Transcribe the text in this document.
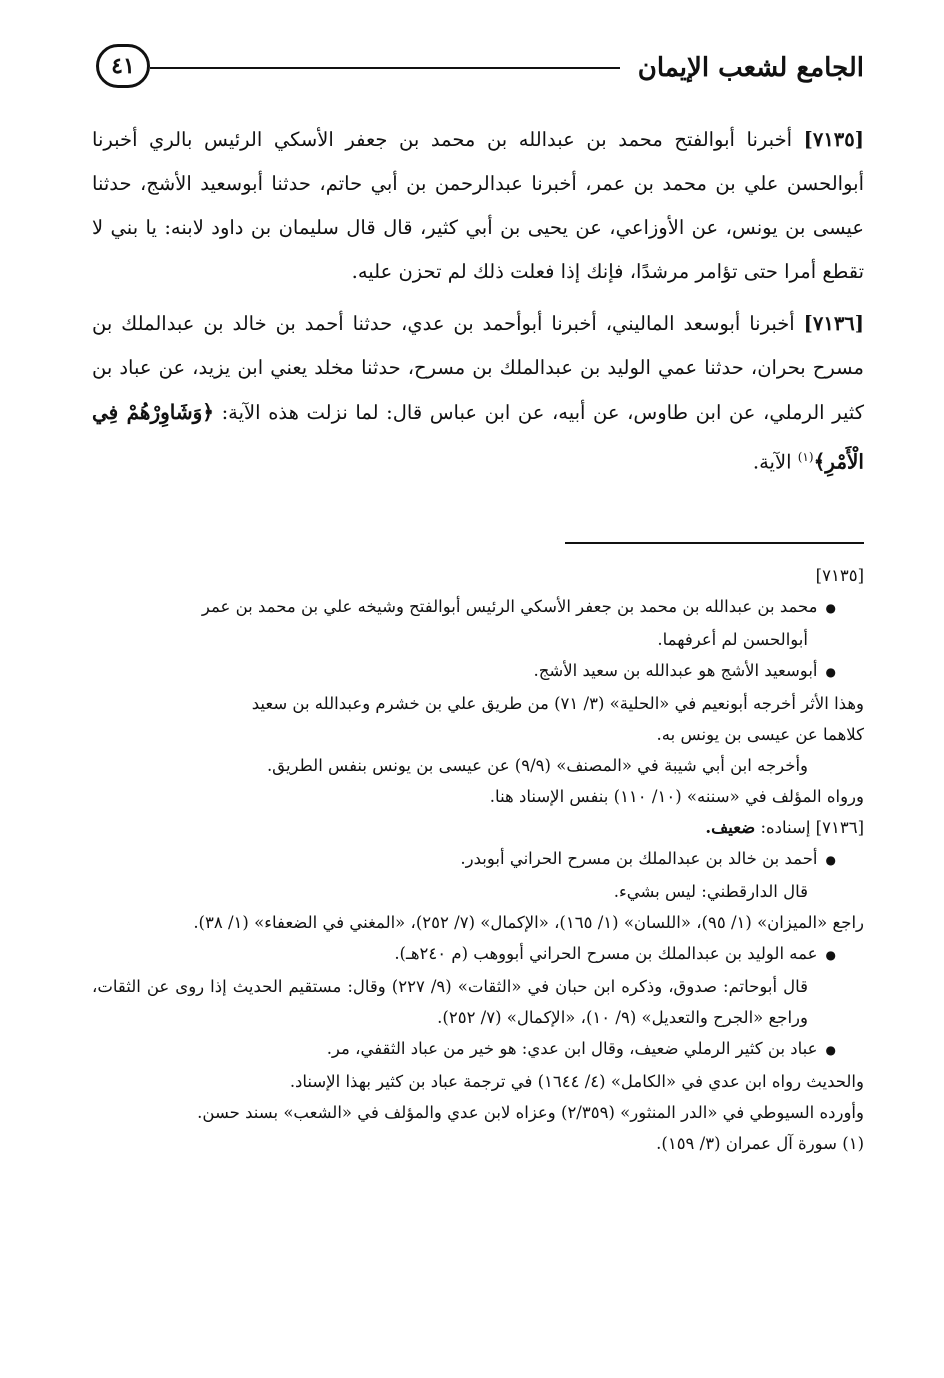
الجامع لشعب الإيمان
٤١

[٧١٣٥] أخبرنا أبوالفتح محمد بن عبدالله بن محمد بن جعفر الأسكي الرئيس بالري أخبرنا أبوالحسن علي بن محمد بن عمر، أخبرنا عبدالرحمن بن أبي حاتم، حدثنا أبوسعيد الأشج، حدثنا عيسى بن يونس، عن الأوزاعي، عن يحيى بن أبي كثير، قال قال سليمان بن داود لابنه: يا بني لا تقطع أمرا حتى تؤامر مرشدًا، فإنك إذا فعلت ذلك لم تحزن عليه.

[٧١٣٦] أخبرنا أبوسعد الماليني، أخبرنا أبوأحمد بن عدي، حدثنا أحمد بن خالد بن عبدالملك بن مسرح بحران، حدثنا عمي الوليد بن عبدالملك بن مسرح، حدثنا مخلد يعني ابن يزيد، عن عباد بن كثير الرملي، عن ابن طاوس، عن أبيه، عن ابن عباس قال: لما نزلت هذه الآية: ﴿وَشَاوِرْهُمْ فِي الْأَمْرِ﴾$^{(١)}$ الآية.

[٧١٣٥]

● محمد بن عبدالله بن محمد بن جعفر الأسكي الرئيس أبوالفتح وشيخه علي بن محمد بن عمر

أبوالحسن لم أعرفهما.

● أبوسعيد الأشج هو عبدالله بن سعيد الأشج.

وهذا الأثر أخرجه أبونعيم في «الحلية» (٣/ ٧١) من طريق علي بن خشرم وعبدالله بن سعيد

كلاهما عن عيسى بن يونس به.

وأخرجه ابن أبي شيبة في «المصنف» (٩/٩) عن عيسى بن يونس بنفس الطريق.

ورواه المؤلف في «سننه» (١٠/ ١١٠) بنفس الإسناد هنا.

[٧١٣٦] إسناده: ضعيف.

● أحمد بن خالد بن عبدالملك بن مسرح الحراني أبوبدر.

قال الدارقطني: ليس بشيء.

راجع «الميزان» (١/ ٩٥)، «اللسان» (١/ ١٦٥)، «الإكمال» (٧/ ٢٥٢)، «المغني في الضعفاء» (١/ ٣٨).

● عمه الوليد بن عبدالملك بن مسرح الحراني أبووهب (م ٢٤٠هـ).

قال أبوحاتم: صدوق، وذكره ابن حبان في «الثقات» (٩/ ٢٢٧) وقال: مستقيم الحديث إذا روى عن الثقات، وراجع «الجرح والتعديل» (٩/ ١٠)، «الإكمال» (٧/ ٢٥٢).

● عباد بن كثير الرملي ضعيف، وقال ابن عدي: هو خير من عباد الثقفي، مر.

والحديث رواه ابن عدي في «الكامل» (٤/ ١٦٤٤) في ترجمة عباد بن كثير بهذا الإسناد.

وأورده السيوطي في «الدر المنثور» (٢/٣٥٩) وعزاه لابن عدي والمؤلف في «الشعب» بسند حسن.

(١) سورة آل عمران (٣/ ١٥٩).
